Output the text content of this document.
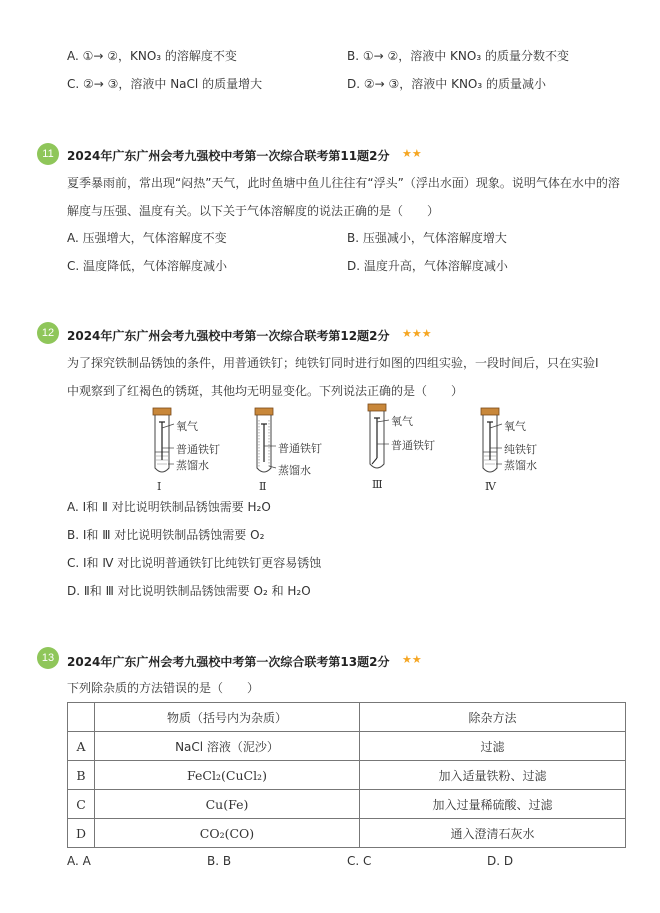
A. ①→ ②，KNO₃ 的溶解度不变	B. ①→ ②，溶液中 KNO₃ 的质量分数不变
C. ②→ ③，溶液中 NaCl 的质量增大	D. ②→ ③，溶液中 KNO₃ 的质量减小
11	2024年广东广州会考九强校中考第一次综合联考第11题2分 ★★
夏季暴雨前，常出现“闷热”天气，此时鱼塘中鱼儿往往有“浮头”（浮出水面）现象。说明气体在水中的溶
解度与压强、温度有关。以下关于气体溶解度的说法正确的是（　　）
A. 压强增大，气体溶解度不变	B. 压强减小，气体溶解度增大
C. 温度降低，气体溶解度减小	D. 温度升高，气体溶解度减小
12	2024年广东广州会考九强校中考第一次综合联考第12题2分 ★★★
为了探究铁制品锈蚀的条件，用普通铁钉；纯铁钉同时进行如图的四组实验，一段时间后，只在实验Ⅰ
中观察到了红褐色的锈斑，其他均无明显变化。下列说法正确的是（　　）
氧气
普通铁钉
蒸馏水
普通铁钉
蒸馏水
氧气
普通铁钉
氧气
纯铁钉
蒸馏水
Ⅰ	Ⅱ	Ⅲ	Ⅳ
A. Ⅰ和 Ⅱ 对比说明铁制品锈蚀需要 H₂O
B. Ⅰ和 Ⅲ 对比说明铁制品锈蚀需要 O₂
C. Ⅰ和 Ⅳ 对比说明普通铁钉比纯铁钉更容易锈蚀
D. Ⅱ和 Ⅲ 对比说明铁制品锈蚀需要 O₂ 和 H₂O
13	2024年广东广州会考九强校中考第一次综合联考第13题2分 ★★
下列除杂质的方法错误的是（　　）
	物质（括号内为杂质）	除杂方法
A	NaCl 溶液（泥沙）	过滤
B	FeCl₂(CuCl₂)	加入适量铁粉、过滤
C	Cu(Fe)	加入过量稀硫酸、过滤
D	CO₂(CO)	通入澄清石灰水
A. A	B. B	C. C	D. D
